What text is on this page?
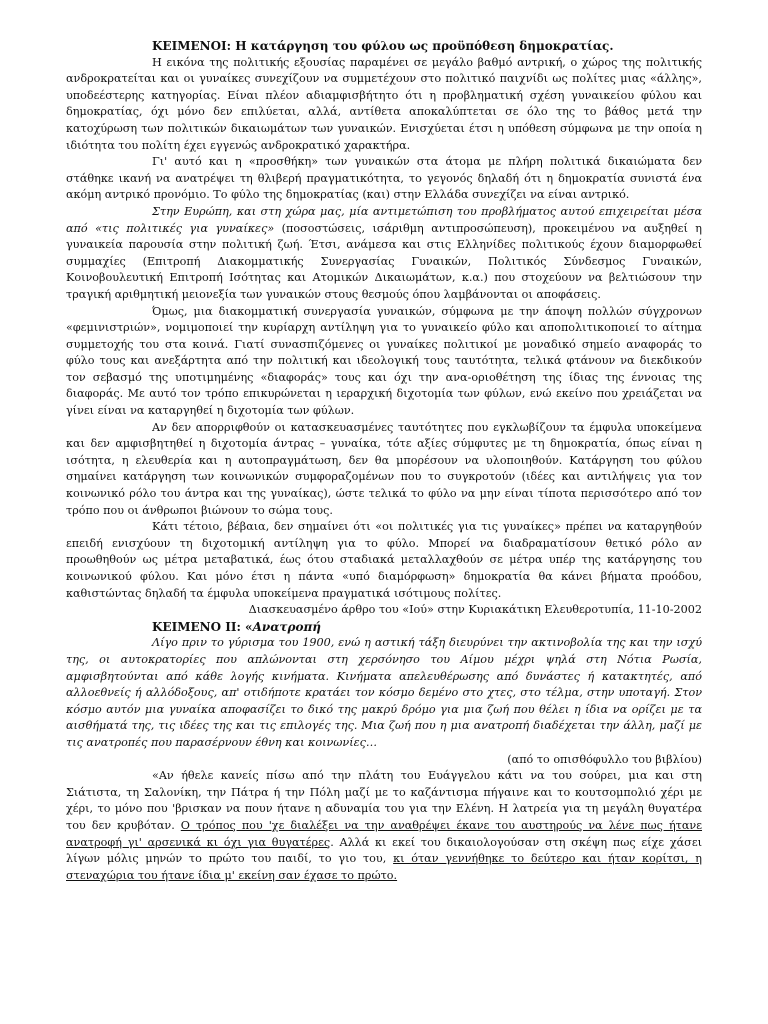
ΚΕΙΜΕΝΟΙ: Η κατάργηση του φύλου ως προϋπόθεση δημοκρατίας.

Η εικόνα της πολιτικής εξουσίας παραμένει σε μεγάλο βαθμό αντρική, ο χώρος της πολιτικής ανδροκρατείται και οι γυναίκες συνεχίζουν να συμμετέχουν στο πολιτικό παιχνίδι ως πολίτες μιας «άλλης», υποδεέστερης κατηγορίας. Είναι πλέον αδιαμφισβήτητο ότι η προβληματική σχέση γυναικείου φύλου και δημοκρατίας, όχι μόνο δεν επιλύεται, αλλά, αντίθετα αποκαλύπτεται σε όλο της το βάθος μετά την κατοχύρωση των πολιτικών δικαιωμάτων των γυναικών. Ενισχύεται έτσι η υπόθεση σύμφωνα με την οποία η ιδιότητα του πολίτη έχει εγγενώς ανδροκρατικό χαρακτήρα.

Γι' αυτό και η «προσθήκη» των γυναικών στα άτομα με πλήρη πολιτικά δικαιώματα δεν στάθηκε ικανή να ανατρέψει τη θλιβερή πραγματικότητα, το γεγονός δηλαδή ότι η δημοκρατία συνιστά ένα ακόμη αντρικό προνόμιο. Το φύλο της δημοκρατίας (και) στην Ελλάδα συνεχίζει να είναι αντρικό.

Στην Ευρώπη, και στη χώρα μας, μία αντιμετώπιση του προβλήματος αυτού επιχειρείται μέσα από «τις πολιτικές για γυναίκες» (ποσοστώσεις, ισάριθμη αντιπροσώπευση), προκειμένου να αυξηθεί η γυναικεία παρουσία στην πολιτική ζωή. Έτσι, ανάμεσα και στις Ελληνίδες πολιτικούς έχουν διαμορφωθεί συμμαχίες (Επιτροπή Διακομματικής Συνεργασίας Γυναικών, Πολιτικός Σύνδεσμος Γυναικών, Κοινοβουλευτική Επιτροπή Ισότητας και Ατομικών Δικαιωμάτων, κ.α.) που στοχεύουν να βελτιώσουν την τραγική αριθμητική μειονεξία των γυναικών στους θεσμούς όπου λαμβάνονται οι αποφάσεις.

Όμως, μια διακομματική συνεργασία γυναικών, σύμφωνα με την άποψη πολλών σύγχρονων «φεμινιστριών», νομιμοποιεί την κυρίαρχη αντίληψη για το γυναικείο φύλο και αποπολιτικοποιεί το αίτημα συμμετοχής του στα κοινά. Γιατί συνασπιζόμενες οι γυναίκες πολιτικοί με μοναδικό σημείο αναφοράς το φύλο τους και ανεξάρτητα από την πολιτική και ιδεολογική τους ταυτότητα, τελικά φτάνουν να διεκδικούν τον σεβασμό της υποτιμημένης «διαφοράς» τους και όχι την ανα-οριοθέτηση της ίδιας της έννοιας της διαφοράς. Με αυτό τον τρόπο επικυρώνεται η ιεραρχική διχοτομία των φύλων, ενώ εκείνο που χρειάζεται να γίνει είναι να καταργηθεί η διχοτομία των φύλων.

Αν δεν απορριφθούν οι κατασκευασμένες ταυτότητες που εγκλωβίζουν τα έμφυλα υποκείμενα και δεν αμφισβητηθεί η διχοτομία άντρας – γυναίκα, τότε αξίες σύμφυτες με τη δημοκρατία, όπως είναι η ισότητα, η ελευθερία και η αυτοπραγμάτωση, δεν θα μπορέσουν να υλοποιηθούν. Κατάργηση του φύλου σημαίνει κατάργηση των κοινωνικών συμφοραζομένων που το συγκροτούν (ιδέες και αντιλήψεις για τον κοινωνικό ρόλο του άντρα και της γυναίκας), ώστε τελικά το φύλο να μην είναι τίποτα περισσότερο από τον τρόπο που οι άνθρωποι βιώνουν το σώμα τους.

Κάτι τέτοιο, βέβαια, δεν σημαίνει ότι «οι πολιτικές για τις γυναίκες» πρέπει να καταργηθούν επειδή ενισχύουν τη διχοτομική αντίληψη για το φύλο. Μπορεί να διαδραματίσουν θετικό ρόλο αν προωθηθούν ως μέτρα μεταβατικά, έως ότου σταδιακά μεταλλαχθούν σε μέτρα υπέρ της κατάργησης του κοινωνικού φύλου. Και μόνο έτσι η πάντα «υπό διαμόρφωση» δημοκρατία θα κάνει βήματα προόδου, καθιστώντας δηλαδή τα έμφυλα υποκείμενα πραγματικά ισότιμους πολίτες.

Διασκευασμένο άρθρο του «Ιού» στην Κυριακάτικη Ελευθεροτυπία, 11-10-2002

ΚΕΙΜΕΝΟ ΙΙ: «Ανατροπή

Λίγο πριν το γύρισμα του 1900, ενώ η αστική τάξη διευρύνει την ακτινοβολία της και την ισχύ της, οι αυτοκρατορίες που απλώνονται στη χερσόνησο του Αίμου μέχρι ψηλά στη Νότια Ρωσία, αμφισβητούνται από κάθε λογής κινήματα. Κινήματα απελευθέρωσης από δυνάστες ή κατακτητές, από αλλοεθνείς ή αλλόδοξους, απ' οτιδήποτε κρατάει τον κόσμο δεμένο στο χτες, στο τέλμα, στην υποταγή. Στον κόσμο αυτόν μια γυναίκα αποφασίζει το δικό της μακρύ δρόμο για μια ζωή που θέλει η ίδια να ορίζει με τα αισθήματά της, τις ιδέες της και τις επιλογές της. Μια ζωή που η μια ανατροπή διαδέχεται την άλλη, μαζί με τις ανατροπές που παρασέρνουν έθνη και κοινωνίες…

(από το οπισθόφυλλο του βιβλίου)

«Αν ήθελε κανείς πίσω από την πλάτη του Ευάγγελου κάτι να του σούρει, μια και στη Σιάτιστα, τη Σαλονίκη, την Πάτρα ή την Πόλη μαζί με το καζάντισμα πήγαινε και το κουτσομπολιό χέρι με χέρι, το μόνο που 'βρισκαν να πουν ήτανε η αδυναμία του για την Ελένη. Η λατρεία για τη μεγάλη θυγατέρα του δεν κρυβόταν. Ο τρόπος που 'χε διαλέξει να την αναθρέψει έκανε του αυστηρούς να λένε πως ήτανε ανατροφή γι' αρσενικά κι όχι για θυγατέρες. Αλλά κι εκεί του δικαιολογούσαν στη σκέψη πως είχε χάσει λίγων μόλις μηνών το πρώτο του παιδί, το γιο του, κι όταν γεννήθηκε το δεύτερο και ήταν κορίτσι, η στεναχώρια του ήτανε ίδια μ' εκείνη σαν έχασε το πρώτο.
